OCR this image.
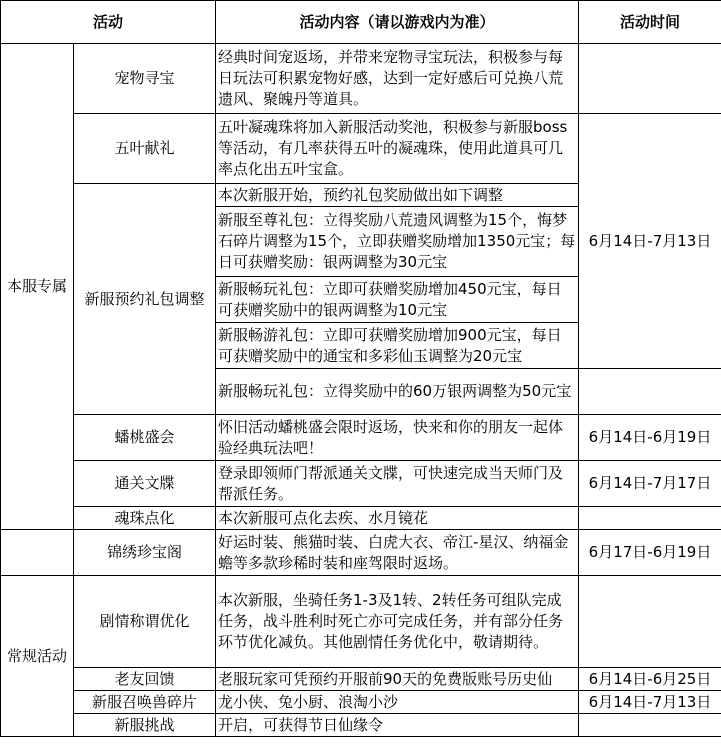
活动		活动内容（请以游戏内为准）	活动时间
本服专属	宠物寻宝	经典时间宠返场，并带来宠物寻宝玩法，积极参与每日玩法可积累宠物好感，达到一定好感后可兑换八荒遗风、聚魄丹等道具。	
	五叶献礼	五叶凝魂珠将加入新服活动奖池，积极参与新服boss等活动，有几率获得五叶的凝魂珠，使用此道具可几率点化出五叶宝盒。	6月14日-7月13日
	新服预约礼包调整	本次新服开始，预约礼包奖励做出如下调整	
		新服至尊礼包：立得奖励八荒遗风调整为15个，悔梦石碎片调整为15个，立即获赠奖励增加1350元宝；每日可获赠奖励：银两调整为30元宝	
		新服畅玩礼包：立即可获赠奖励增加450元宝，每日可获赠奖励中的银两调整为10元宝	
		新服畅游礼包：立即可获赠奖励增加900元宝，每日可获赠奖励中的通宝和多彩仙玉调整为20元宝	
		新服畅玩礼包：立得奖励中的60万银两调整为50元宝	
	蟠桃盛会	怀旧活动蟠桃盛会限时返场，快来和你的朋友一起体验经典玩法吧！	6月14日-6月19日
	通关文牒	登录即领师门帮派通关文牒，可快速完成当天师门及帮派任务。	6月14日-7月17日
	魂珠点化	本次新服可点化去疾、水月镜花	
	锦绣珍宝阁	好运时装、熊猫时装、白虎大衣、帝江-星汉、纳福金蟾等多款珍稀时装和座驾限时返场。	6月17日-6月19日
常规活动	剧情称谓优化	本次新服，坐骑任务1-3及1转、2转任务可组队完成任务，战斗胜利时死亡亦可完成任务，并有部分任务环节优化减负。其他剧情任务优化中，敬请期待。	
	老友回馈	老服玩家可凭预约开服前90天的免费版账号历史仙	6月14日-6月25日
	新服召唤兽碎片	龙小侠、兔小厨、浪淘小沙	6月14日-7月13日
	新服挑战	开启，可获得节日仙缘令	
